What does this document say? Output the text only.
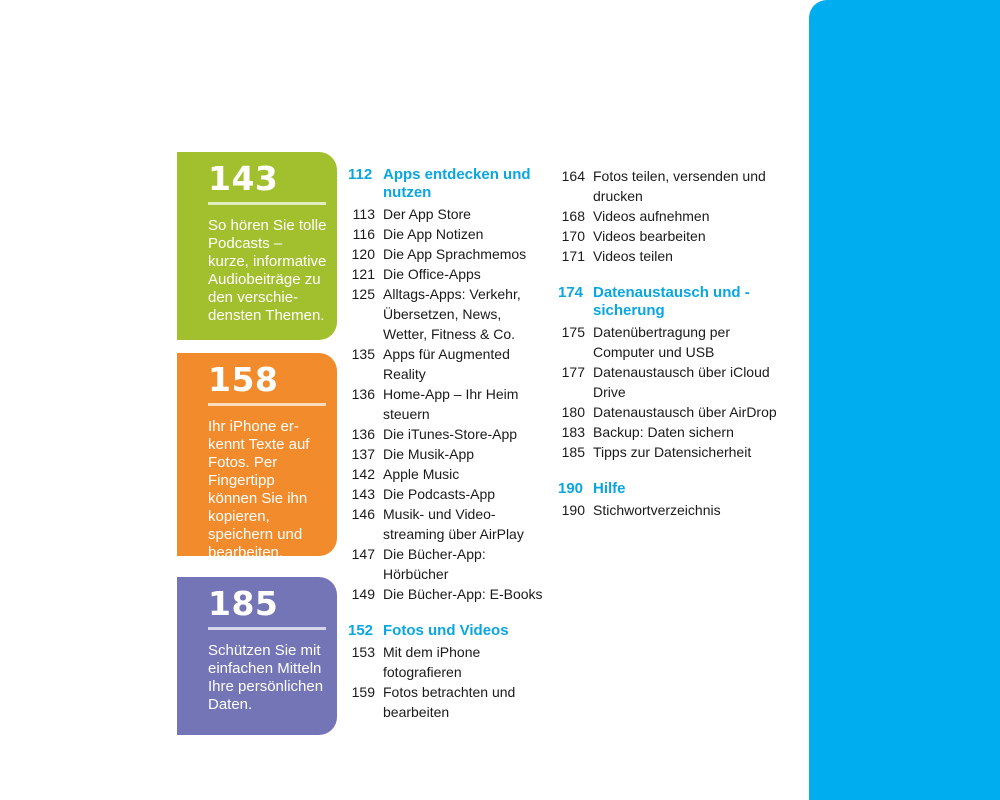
143
So hören Sie tolle Podcasts – kurze, informative Audiobeiträge zu den verschiedensten Themen.
158
Ihr iPhone erkennt Texte auf Fotos. Per Fingertipp können Sie ihn kopieren, speichern und bearbeiten.
185
Schützen Sie mit einfachen Mitteln Ihre persönlichen Daten.
112 Apps entdecken und nutzen
113 Der App Store
116 Die App Notizen
120 Die App Sprachmemos
121 Die Office-Apps
125 Alltags-Apps: Verkehr, Übersetzen, News, Wetter, Fitness & Co.
135 Apps für Augmented Reality
136 Home-App – Ihr Heim steuern
136 Die iTunes-Store-App
137 Die Musik-App
142 Apple Music
143 Die Podcasts-App
146 Musik- und Videostreaming über AirPlay
147 Die Bücher-App: Hörbücher
149 Die Bücher-App: E-Books
152 Fotos und Videos
153 Mit dem iPhone fotografieren
159 Fotos betrachten und bearbeiten
164 Fotos teilen, versenden und drucken
168 Videos aufnehmen
170 Videos bearbeiten
171 Videos teilen
174 Datenaustausch und -sicherung
175 Datenübertragung per Computer und USB
177 Datenaustausch über iCloud Drive
180 Datenaustausch über AirDrop
183 Backup: Daten sichern
185 Tipps zur Datensicherheit
190 Hilfe
190 Stichwortverzeichnis
